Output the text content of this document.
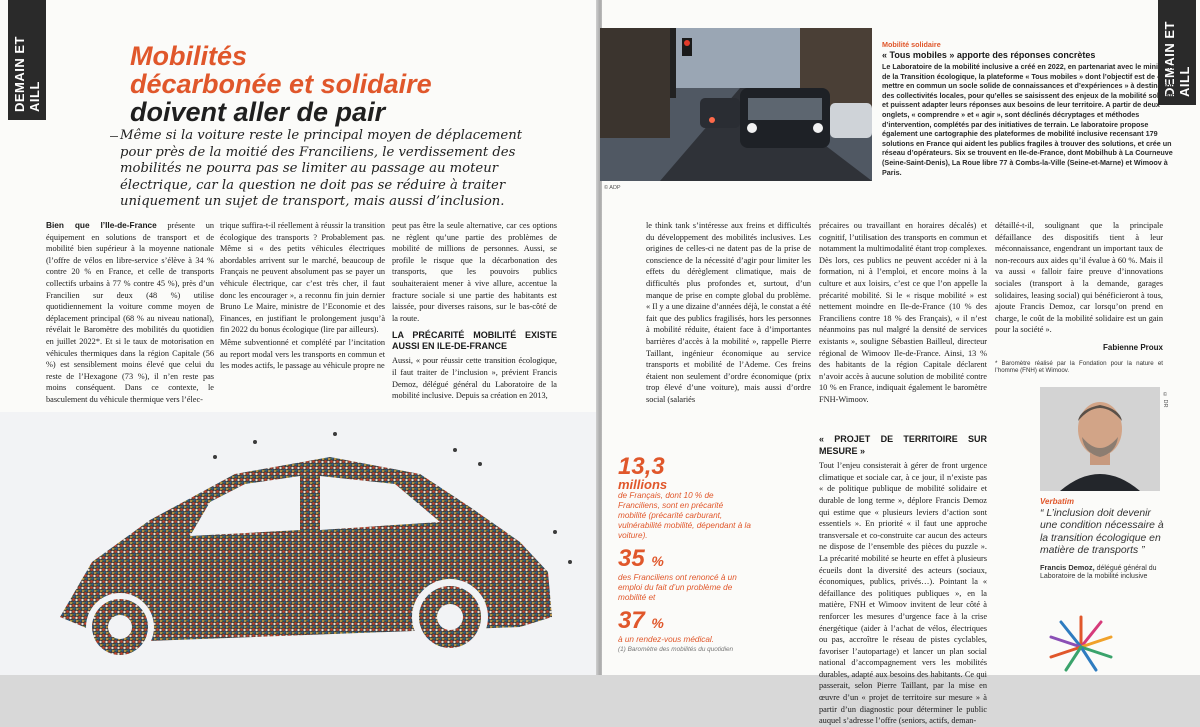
DEMAIN ET AILL
Mobilités
décarbonée et solidaire
doivent aller de pair
Même si la voiture reste le principal moyen de déplacement pour près de la moitié des Franciliens, le verdissement des mobilités ne pourra pas se limiter au passage au moteur électrique, car la question ne doit pas se réduire à traiter uniquement un sujet de transport, mais aussi d’inclusion.

Bien que l’Ile-de-France présente un équipement en solutions de transport et de mobilité bien supérieur à la moyenne nationale (l’offre de vélos en libre-service s’élève à 34 % contre 20 % en France, et celle de transports collectifs urbains à 77 % contre 45 %), près d’un Francilien sur deux (48 %) utilise quotidiennement la voiture comme moyen de déplacement principal (68 % au niveau national), révélait le Baromètre des mobilités du quotidien en juillet 2022*. Et si le taux de motorisation en véhicules thermiques dans la région Capitale (56 %) est sensiblement moins élevé que celui du reste de l’Hexagone (73 %), il n’en reste pas moins conséquent. Dans ce contexte, le basculement du véhicule thermique vers l’élec-

trique suffira-t-il réellement à réussir la transition écologique des transports ? Probablement pas. Même si « des petits véhicules électriques abordables arrivent sur le marché, beaucoup de Français ne peuvent absolument pas se payer un véhicule électrique, car c’est très cher, il faut donc les encourager », a reconnu fin juin dernier Bruno Le Maire, ministre de l’Economie et des Finances, en justifiant le prolongement jusqu’à fin 2022 du bonus écologique (lire par ailleurs).

Même subventionné et complété par l’incitation au report modal vers les transports en commun et les modes actifs, le passage au véhicule propre ne

peut pas être la seule alternative, car ces options ne règlent qu’une partie des problèmes de mobilité de millions de personnes. Aussi, se profile le risque que la décarbonation des transports, que les pouvoirs publics souhaiteraient mener à vive allure, accentue la fracture sociale si une partie des habitants est laissée, pour diverses raisons, sur le bas-côté de la route.

LA PRÉCARITÉ MOBILITÉ EXISTE AUSSI EN ILE-DE-FRANCE

Aussi, « pour réussir cette transition écologique, il faut traiter de l’inclusion », prévient Francis Demoz, délégué général du Laboratoire de la mobilité inclusive. Depuis sa création en 2013,

DEMAIN ET AILL
© ADP
Mobilité solidaire
« Tous mobiles » apporte des réponses concrètes
Le Laboratoire de la mobilité inclusive a créé en 2022, en partenariat avec le ministère de la Transition écologique, la plateforme « Tous mobiles » dont l’objectif est de « mettre en commun un socle solide de connaissances et d’expériences » à destination des collectivités locales, pour qu’elles se saisissent des enjeux de la mobilité solidaire et puissent adapter leurs réponses aux besoins de leur territoire. A partir de deux onglets, « comprendre » et « agir », sont déclinés décryptages et méthodes d’intervention, complétés par des initiatives de terrain. Le laboratoire propose également une cartographie des plateformes de mobilité inclusive recensant 179 solutions en France qui aident les publics fragiles à trouver des solutions, et crée un réseau d’opérateurs. Six se trouvent en Ile-de-France, dont Mobilhub à La Courneuve (Seine-Saint-Denis), La Roue libre 77 à Combs-la-Ville (Seine-et-Marne) et Wimoov à Paris.

le think tank s’intéresse aux freins et difficultés du développement des mobilités inclusives. Les origines de celles-ci ne datent pas de la prise de conscience de la nécessité d’agir pour limiter les effets du dérèglement climatique, mais de difficultés plus profondes et, surtout, d’un manque de prise en compte global du problème. « Il y a une dizaine d’années déjà, le constat a été fait que des publics fragilisés, hors les personnes à mobilité réduite, étaient face à d’importantes barrières d’accès à la mobilité », rappelle Pierre Taillant, ingénieur économique au service transports et mobilité de l’Ademe. Ces freins étaient non seulement d’ordre économique (prix trop élevé d’une voiture), mais aussi d’ordre social (salariés

précaires ou travaillant en horaires décalés) et cognitif, l’utilisation des transports en commun et notamment la multimodalité étant trop complexes. Dès lors, ces publics ne peuvent accéder ni à la formation, ni à l’emploi, et encore moins à la culture et aux loisirs, c’est ce que l’on appelle la précarité mobilité. Si le « risque mobilité » est nettement moindre en Ile-de-France (10 % des Franciliens contre 18 % des Français), « il n’est néanmoins pas nul malgré la densité de services existants », souligne Sébastien Bailleul, directeur régional de Wimoov Ile-de-France. Ainsi, 13 % des habitants de la région Capitale déclarent n’avoir accès à aucune solution de mobilité contre 10 % en France, indiquait également le baromètre FNH-Wimoov.

« PROJET DE TERRITOIRE SUR MESURE »

Tout l’enjeu consisterait à gérer de front urgence climatique et sociale car, à ce jour, il n’existe pas « de politique publique de mobilité solidaire et durable de long terme », déplore Francis Demoz qui estime que « plusieurs leviers d’action sont essentiels ». En priorité « il faut une approche transversale et co-construite car aucun des acteurs ne dispose de l’ensemble des pièces du puzzle ». La précarité mobilité se heurte en effet à plusieurs écueils dont la diversité des acteurs (sociaux, économiques, publics, privés…). Pointant la « défaillance des politiques publiques », en la matière, FNH et Wimoov invitent de leur côté à renforcer les mesures d’urgence face à la crise énergétique (aider à l’achat de vélos, électriques ou pas, accroître le réseau de pistes cyclables, favoriser l’autopartage) et lancer un plan social national d’accompagnement vers les mobilités durables, adapté aux besoins des habitants. Ce qui passerait, selon Pierre Taillant, par la mise en œuvre d’un « projet de territoire sur mesure » à partir d’un diagnostic pour déterminer le public auquel s’adresse l’offre (seniors, actifs, deman-

détaillé-t-il, soulignant que la principale défaillance des dispositifs tient à leur méconnaissance, engendrant un important taux de non-recours aux aides qu’il évalue à 60 %. Mais il va aussi « falloir faire preuve d’innovations sociales (transport à la demande, garages solidaires, leasing social) qui bénéficieront à tous, ajoute Francis Demoz, car lorsqu’on prend en charge, le coût de la mobilité solidaire est un gain pour la société ».

Fabienne Proux
* Baromètre réalisé par la Fondation pour la nature et l’homme (FNH) et Wimoov.
13,3
millions
de Français, dont 10 % de Franciliens, sont en précarité mobilité (précarité carburant, vulnérabilité mobilité, dépendant à la voiture).
35 %
des Franciliens ont renoncé à un emploi du fait d’un problème de mobilité et
37 %
à un rendez-vous médical.
(1) Baromètre des mobilités du quotidien
© DR
Verbatim
“ L’inclusion doit devenir une condition nécessaire à la transition écologique en matière de transports ”
Francis Demoz, délégué général du Laboratoire de la mobilité inclusive
